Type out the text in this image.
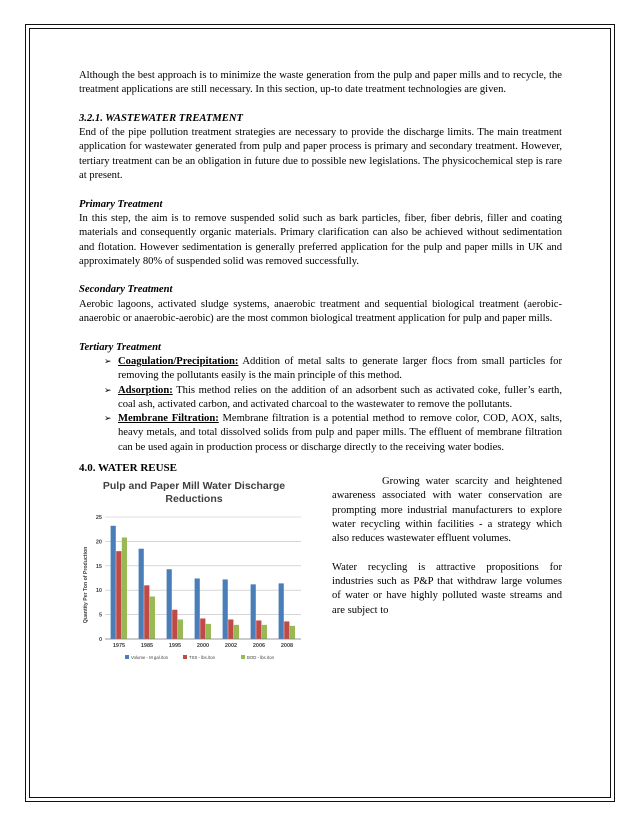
Although the best approach is to minimize the waste generation from the pulp and paper mills and to recycle, the treatment applications are still necessary. In this section, up-to date treatment technologies are given.

3.2.1. WASTEWATER TREATMENT

End of the pipe pollution treatment strategies are necessary to provide the discharge limits. The main treatment application for wastewater generated from pulp and paper process is primary and secondary treatment. However, tertiary treatment can be an obligation in future due to possible new legislations. The physicochemical step is rare at present.

Primary Treatment

In this step, the aim is to remove suspended solid such as bark particles, fiber, fiber debris, filler and coating materials and consequently organic materials. Primary clarification can also be achieved without sedimentation and flotation. However sedimentation is generally preferred application for the pulp and paper mills in UK and approximately 80% of suspended solid was removed successfully.

Secondary Treatment

Aerobic lagoons, activated sludge systems, anaerobic treatment and sequential biological treatment (aerobic-anaerobic or anaerobic-aerobic) are the most common biological treatment application for pulp and paper mills.

Tertiary Treatment

➢ Coagulation/Precipitation: Addition of metal salts to generate larger flocs from small particles for removing the pollutants easily is the main principle of this method.
➢ Adsorption: This method relies on the addition of an adsorbent such as activated coke, fuller’s earth, coal ash, activated carbon, and activated charcoal to the wastewater to remove the pollutants.
➢ Membrane Filtration: Membrane filtration is a potential method to remove color, COD, AOX, salts, heavy metals, and total dissolved solids from pulp and paper mills. The effluent of membrane filtration can be used again in production process or discharge directly to the receiving water bodies.

4.0. WATER REUSE

Pulp and Paper Mill Water Discharge
Reductions
1975	1985	1995	2000	2002	2006	2008
0
5
10
15
20
25
Quantity Per Ton of Production
Volume - M gal./ton	TSS - lbs./ton	BOD - lbs./ton

Growing water scarcity and heightened awareness associated with water conservation are prompting more industrial manufacturers to explore water recycling within facilities - a strategy which also reduces wastewater effluent volumes.

Water recycling is attractive propositions for industries such as P&P that withdraw large volumes of water or have highly polluted waste streams and are subject to
